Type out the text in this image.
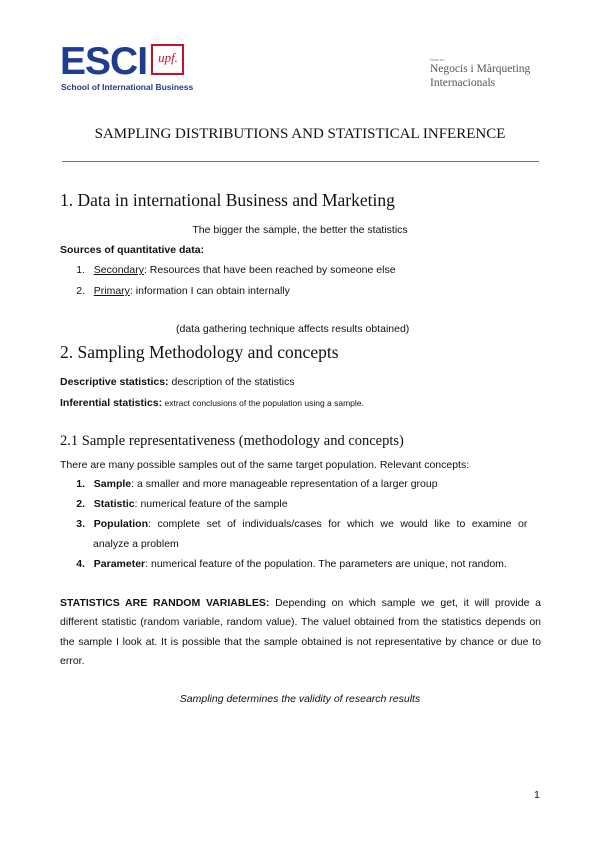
ESCI upf.
School of International Business
Grau en
Negocis i Màrqueting
Internacionals
SAMPLING DISTRIBUTIONS AND STATISTICAL INFERENCE
1. Data in international Business and Marketing
The bigger the sample, the better the statistics
Sources of quantitative data:
1. Secondary: Resources that have been reached by someone else
2. Primary: information I can obtain internally
(data gathering technique affects results obtained)
2. Sampling Methodology and concepts
Descriptive statistics: description of the statistics
Inferential statistics: extract conclusions of the population using a sample.
2.1 Sample representativeness (methodology and concepts)
There are many possible samples out of the same target population. Relevant concepts:
1. Sample: a smaller and more manageable representation of a larger group
2. Statistic: numerical feature of the sample
3. Population: complete set of individuals/cases for which we would like to examine or
analyze a problem
4. Parameter: numerical feature of the population. The parameters are unique, not random.
STATISTICS ARE RANDOM VARIABLES: Depending on which sample we get, it will provide a different statistic (random variable, random value). The valuel obtained from the statistics depends on the sample I look at. It is possible that the sample obtained is not representative by chance or due to error.
Sampling determines the validity of research results
1
